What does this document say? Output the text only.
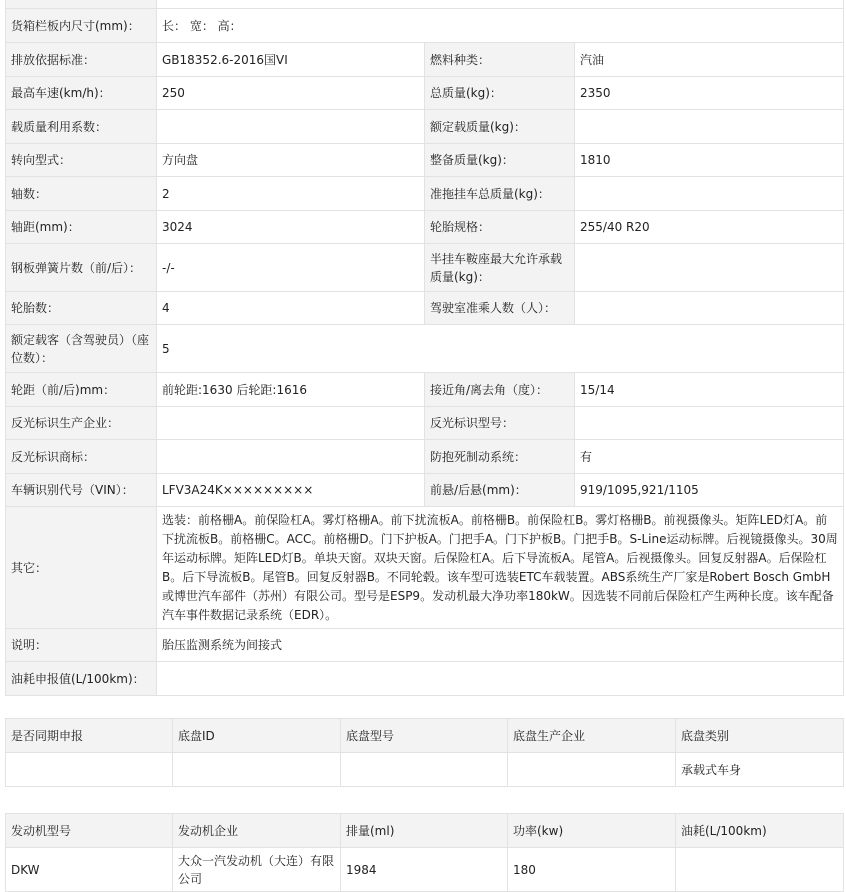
货箱栏板内尺寸(mm)：	长： 宽： 高：		
排放依据标准：	GB18352.6-2016国VI	燃料种类：	汽油
最高车速(km/h)：	250	总质量(kg)：	2350
载质量利用系数：		额定载质量(kg)：	
转向型式：	方向盘	整备质量(kg)：	1810
轴数：	2	准拖挂车总质量(kg)：	
轴距(mm)：	3024	轮胎规格：	255/40 R20
钢板弹簧片数（前/后）：	-/-	半挂车鞍座最大允许承载质量(kg)：	
轮胎数：	4	驾驶室准乘人数（人）：	
额定载客（含驾驶员）（座位数）：	5		
轮距（前/后)mm：	前轮距:1630 后轮距:1616	接近角/离去角（度）：	15/14
反光标识生产企业：		反光标识型号：	
反光标识商标：		防抱死制动系统：	有
车辆识别代号（VIN）：	LFV3A24K×××××××××	前悬/后悬(mm)：	919/1095,921/1105
其它：	选装：前格栅A。前保险杠A。雾灯格栅A。前下扰流板A。前格栅B。前保险杠B。雾灯格栅B。前视摄像头。矩阵LED灯A。前下扰流板B。前格栅C。ACC。前格栅D。门下护板A。门把手A。门下护板B。门把手B。S-Line运动标牌。后视镜摄像头。30周年运动标牌。矩阵LED灯B。单块天窗。双块天窗。后保险杠A。后下导流板A。尾管A。后视摄像头。回复反射器A。后保险杠B。后下导流板B。尾管B。回复反射器B。不同轮毂。该车型可选装ETC车载装置。ABS系统生产厂家是Robert Bosch GmbH或博世汽车部件（苏州）有限公司。型号是ESP9。发动机最大净功率180kW。因选装不同前后保险杠产生两种长度。该车配备汽车事件数据记录系统（EDR）。		
说明：	胎压监测系统为间接式		
油耗申报值(L/100km)：			
是否同期申报	底盘ID	底盘型号	底盘生产企业	底盘类别
				承载式车身
发动机型号	发动机企业	排量(ml)	功率(kw)	油耗(L/100km)
DKW	大众一汽发动机（大连）有限公司	1984	180	
